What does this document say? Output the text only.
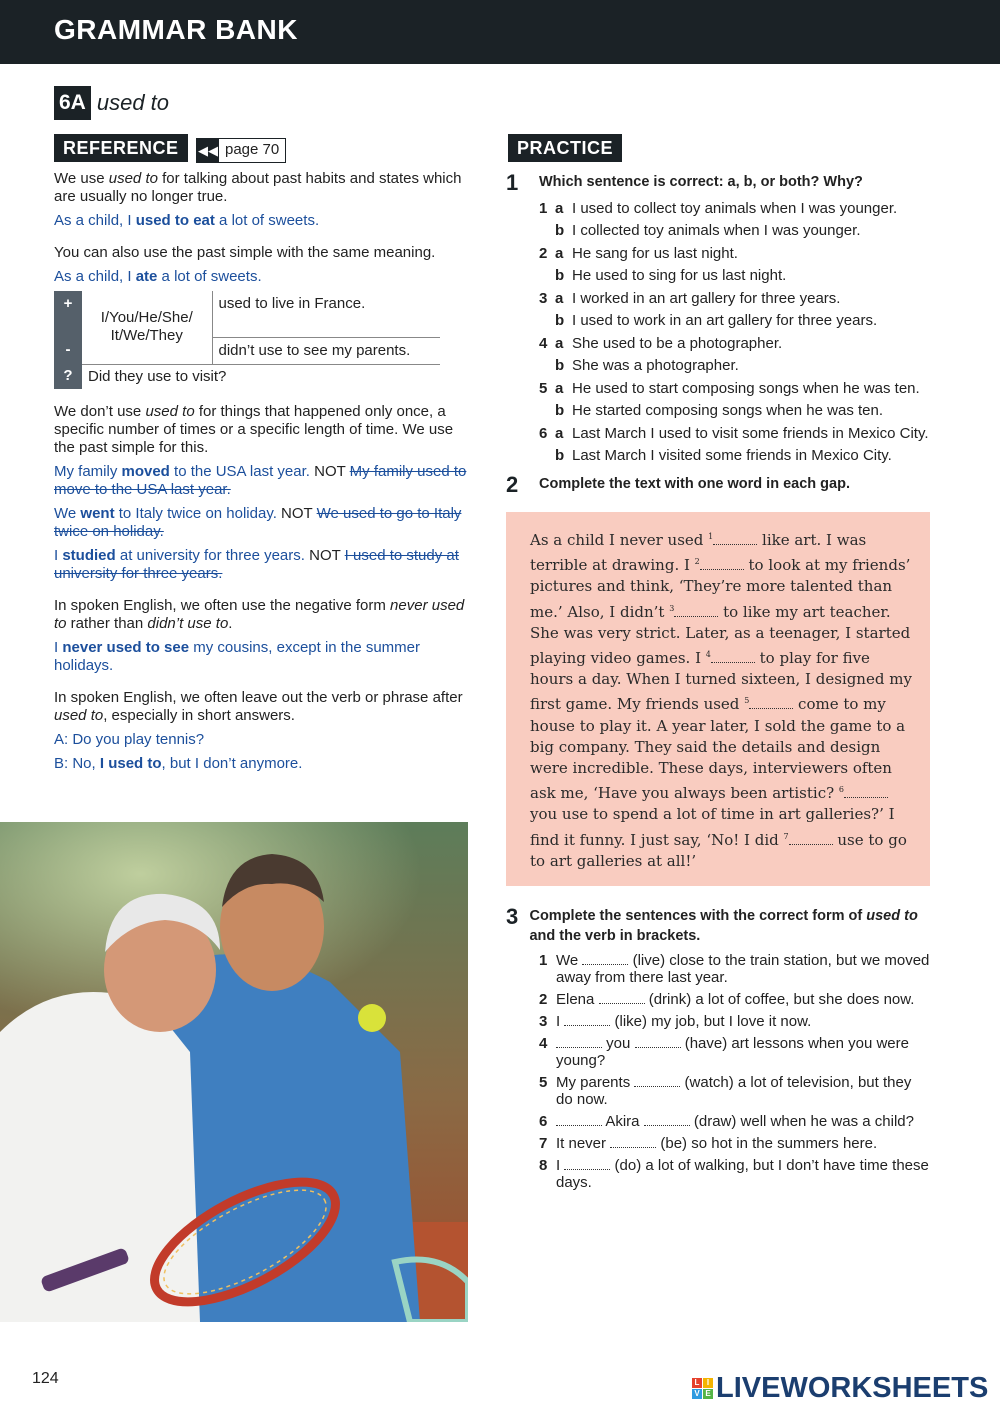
GRAMMAR BANK
6A used to
REFERENCE	◀◀ page 70
We use used to for talking about past habits and states which are usually no longer true.
As a child, I used to eat a lot of sweets.
You can also use the past simple with the same meaning.
As a child, I ate a lot of sweets.
+	I/You/He/She/ It/We/They	used to live in France.
-		didn’t use to see my parents.
?	Did they use to visit?	
We don’t use used to for things that happened only once, a specific number of times or a specific length of time. We use the past simple for this.
My family moved to the USA last year. NOT My family used to move to the USA last year.
We went to Italy twice on holiday. NOT We used to go to Italy twice on holiday.
I studied at university for three years. NOT I used to study at university for three years.
In spoken English, we often use the negative form never used to rather than didn’t use to.
I never used to see my cousins, except in the summer holidays.
In spoken English, we often leave out the verb or phrase after used to, especially in short answers.
A: Do you play tennis?
B: No, I used to, but I don’t anymore.
PRACTICE
1	Which sentence is correct: a, b, or both? Why?
1 a I used to collect toy animals when I was younger.
b I collected toy animals when I was younger.
2 a He sang for us last night.
b He used to sing for us last night.
3 a I worked in an art gallery for three years.
b I used to work in an art gallery for three years.
4 a She used to be a photographer.
b She was a photographer.
5 a He used to start composing songs when he was ten.
b He started composing songs when he was ten.
6 a Last March I used to visit some friends in Mexico City.
b Last March I visited some friends in Mexico City.
2	Complete the text with one word in each gap.
As a child I never used $^1$	like art. I was terrible at drawing. I $^2$	to look at my friends’ pictures and think, ‘They’re more talented than me.’ Also, I didn’t $^3$	to like my art teacher. She was very strict. Later, as a teenager, I started playing video games. I $^4$	to play for five hours a day. When I turned sixteen, I designed my first game. My friends used $^5$	come to my house to play it. A year later, I sold the game to a big company. They said the details and design were incredible. These days, interviewers often ask me, ‘Have you always been artistic? $^6$ you use to spend a lot of time in art galleries?’ I find it funny. I just say, ‘No! I did $^7$	use to go to art galleries at all!’
3 Complete the sentences with the correct form of used to and the verb in brackets.
1 We	(live) close to the train station, but we moved away from there last year.
2 Elena	(drink) a lot of coffee, but she does now.
3 I	(like) my job, but I love it now.
4	you	(have) art lessons when you were young?
5 My parents	(watch) a lot of television, but they do now.
6	Akira	(draw) well when he was a child?
7 It never	(be) so hot in the summers here.
8 I	(do) a lot of walking, but I don’t have time these days.
124	L I
V E LIVEWORKSHEETS
